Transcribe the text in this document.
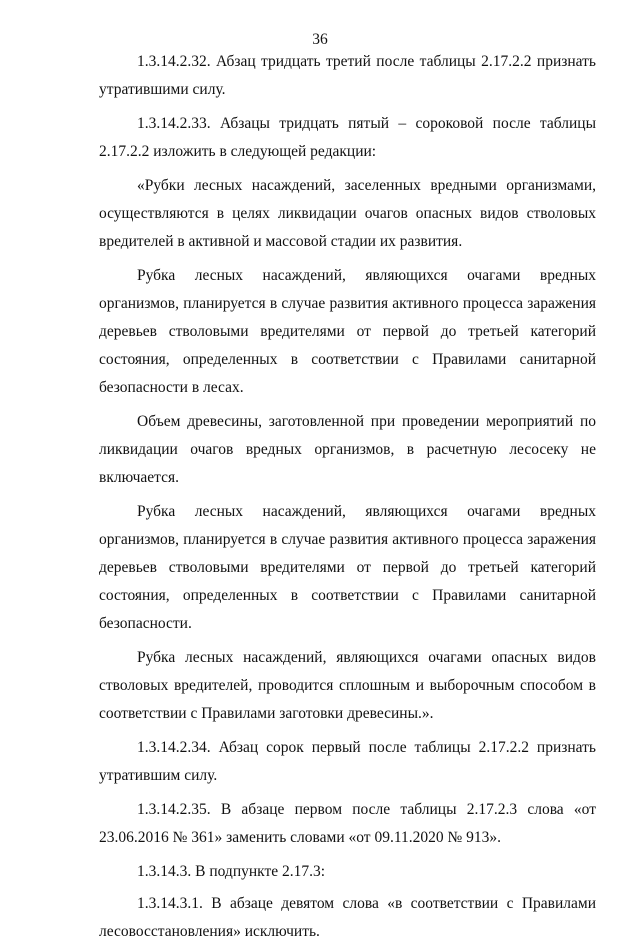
36

1.3.14.2.32. Абзац тридцать третий после таблицы 2.17.2.2 признать утратившими силу.

1.3.14.2.33. Абзацы тридцать пятый – сороковой после таблицы 2.17.2.2 изложить в следующей редакции:

«Рубки лесных насаждений, заселенных вредными организмами, осуществляются в целях ликвидации очагов опасных видов стволовых вредителей в активной и массовой стадии их развития.

Рубка лесных насаждений, являющихся очагами вредных организмов, планируется в случае развития активного процесса заражения деревьев стволовыми вредителями от первой до третьей категорий состояния, определенных в соответствии с Правилами санитарной безопасности в лесах.

Объем древесины, заготовленной при проведении мероприятий по ликвидации очагов вредных организмов, в расчетную лесосеку не включается.

Рубка лесных насаждений, являющихся очагами вредных организмов, планируется в случае развития активного процесса заражения деревьев стволовыми вредителями от первой до третьей категорий состояния, определенных в соответствии с Правилами санитарной безопасности.

Рубка лесных насаждений, являющихся очагами опасных видов стволовых вредителей, проводится сплошным и выборочным способом в соответствии с Правилами заготовки древесины.».

1.3.14.2.34. Абзац сорок первый после таблицы 2.17.2.2 признать утратившим силу.

1.3.14.2.35. В абзаце первом после таблицы 2.17.2.3 слова «от 23.06.2016 № 361» заменить словами «от 09.11.2020 № 913».

1.3.14.3. В подпункте 2.17.3:

1.3.14.3.1. В абзаце девятом слова «в соответствии с Правилами лесовосстановления» исключить.
